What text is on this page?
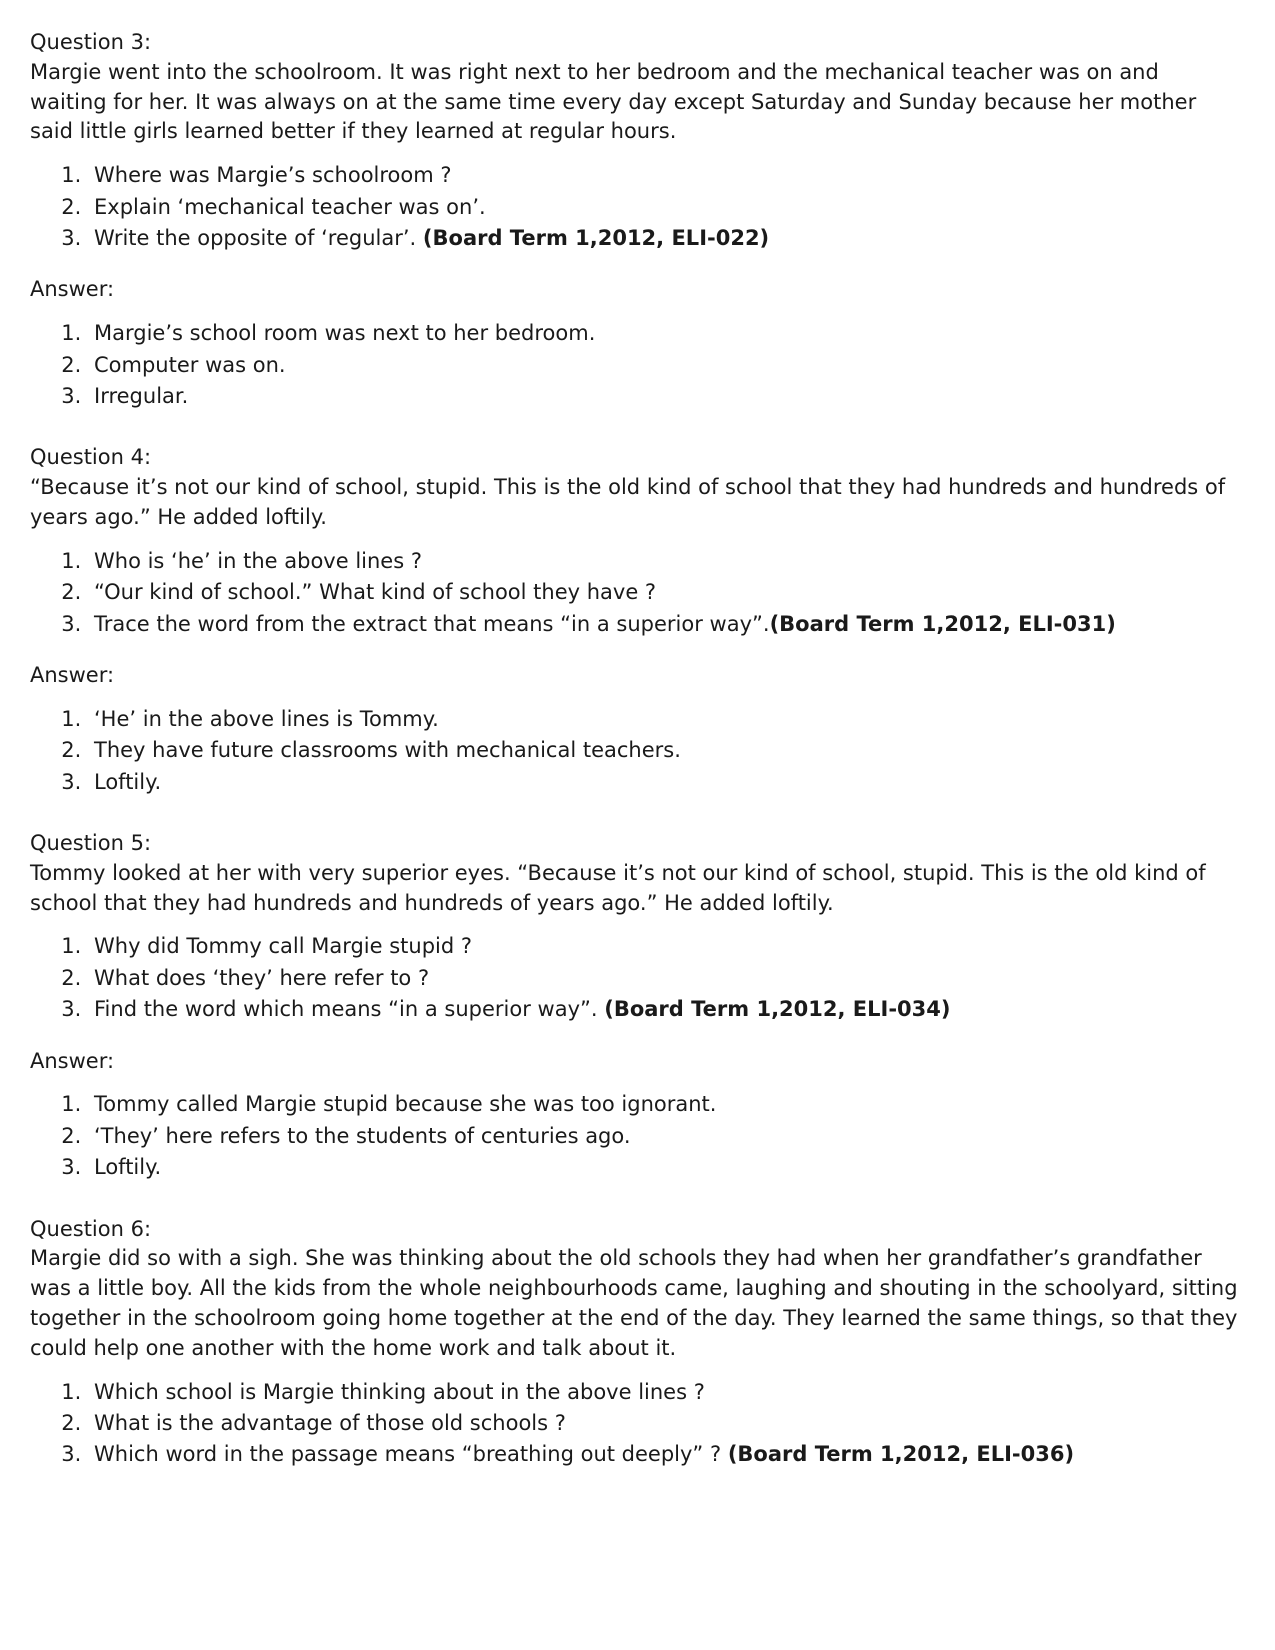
Question 3:

Margie went into the schoolroom. It was right next to her bedroom and the mechanical teacher was on and waiting for her. It was always on at the same time every day except Saturday and Sunday because her mother said little girls learned better if they learned at regular hours.

1. Where was Margie’s schoolroom ?
2. Explain ‘mechanical teacher was on’.
3. Write the opposite of ‘regular’. (Board Term 1,2012, ELI-022)

Answer:

1. Margie’s school room was next to her bedroom.
2. Computer was on.
3. Irregular.

Question 4:

“Because it’s not our kind of school, stupid. This is the old kind of school that they had hundreds and hundreds of years ago.” He added loftily.

1. Who is ‘he’ in the above lines ?
2. “Our kind of school.” What kind of school they have ?
3. Trace the word from the extract that means “in a superior way”.(Board Term 1,2012, ELI-031)

Answer:

1. ‘He’ in the above lines is Tommy.
2. They have future classrooms with mechanical teachers.
3. Loftily.

Question 5:

Tommy looked at her with very superior eyes. “Because it’s not our kind of school, stupid. This is the old kind of school that they had hundreds and hundreds of years ago.” He added loftily.

1. Why did Tommy call Margie stupid ?
2. What does ‘they’ here refer to ?
3. Find the word which means “in a superior way”. (Board Term 1,2012, ELI-034)

Answer:

1. Tommy called Margie stupid because she was too ignorant.
2. ‘They’ here refers to the students of centuries ago.
3. Loftily.

Question 6:

Margie did so with a sigh. She was thinking about the old schools they had when her grandfather’s grandfather was a little boy. All the kids from the whole neighbourhoods came, laughing and shouting in the schoolyard, sitting together in the schoolroom going home together at the end of the day. They learned the same things, so that they could help one another with the home work and talk about it.

1. Which school is Margie thinking about in the above lines ?
2. What is the advantage of those old schools ?
3. Which word in the passage means “breathing out deeply” ? (Board Term 1,2012, ELI-036)
